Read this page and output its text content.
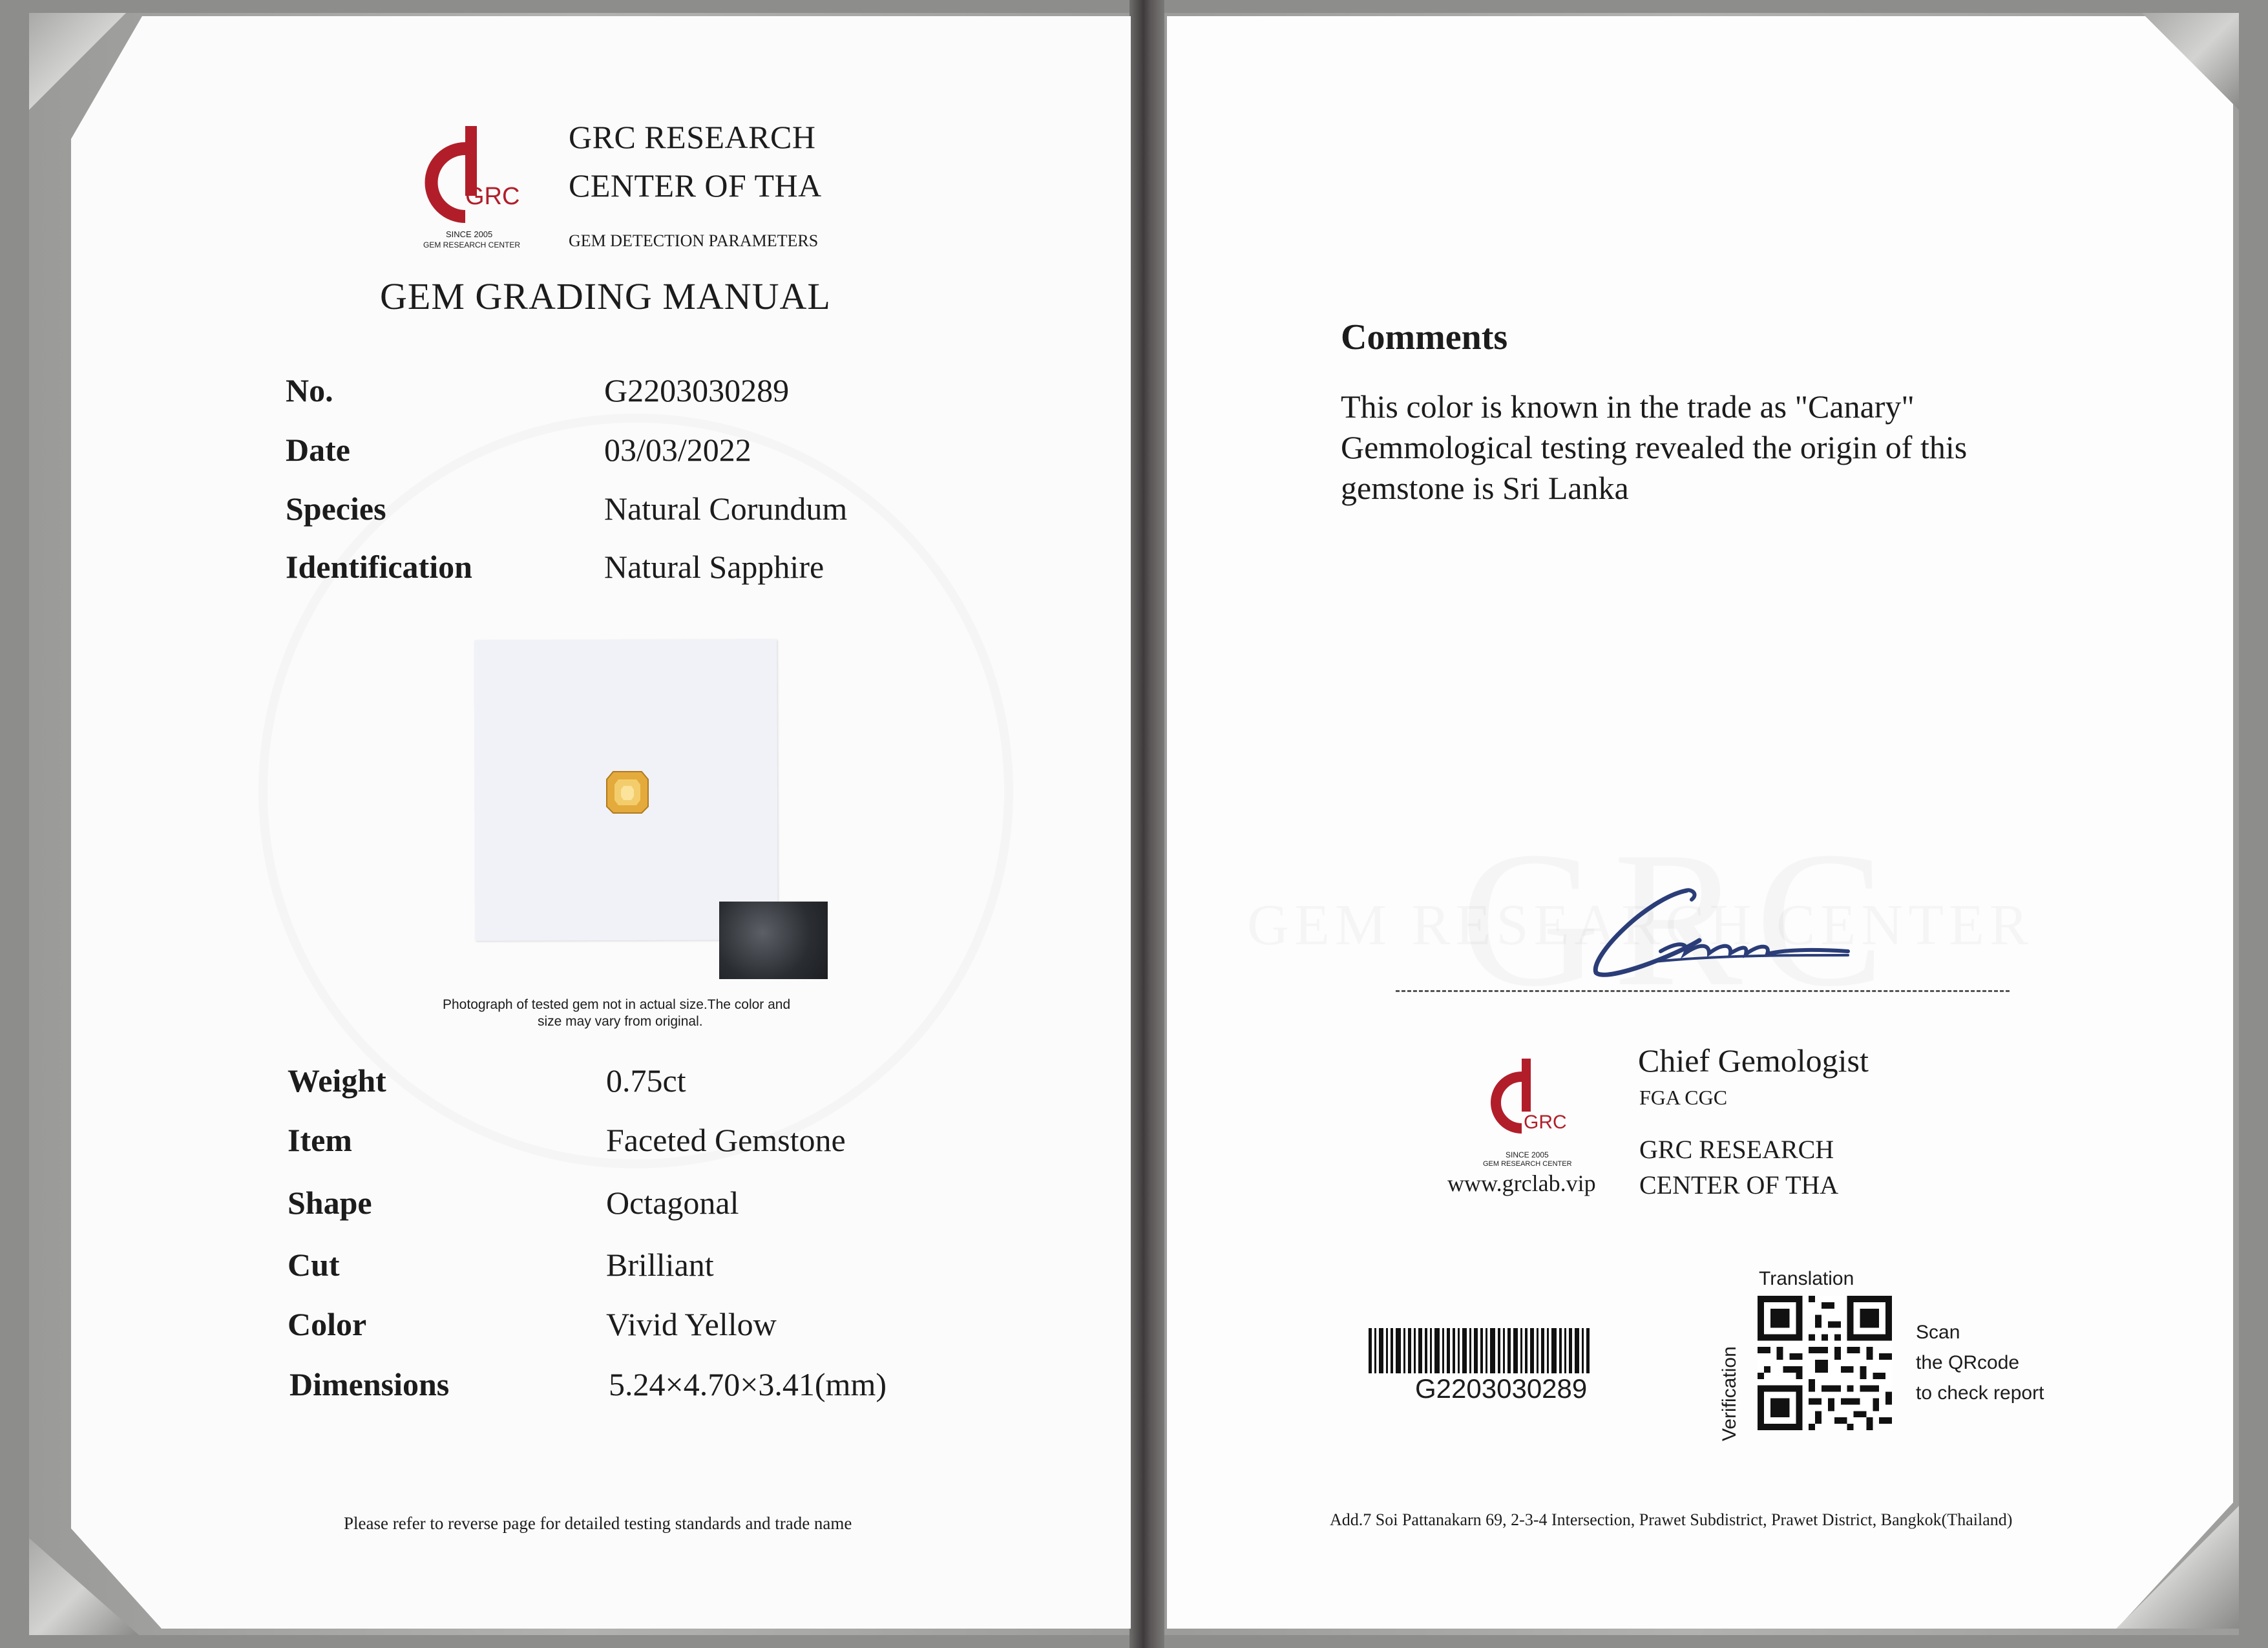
GRC

SINCE 2005

GEM RESEARCH CENTER

GRC RESEARCH

CENTER OF THA

GEM DETECTION PARAMETERS

GEM GRADING MANUAL

No.	G2203030289

Date	03/03/2022

Species	Natural Corundum

Identification	Natural Sapphire

Photograph of tested gem not in actual size.The color and

size may vary from original.

Weight	0.75ct

Item	Faceted Gemstone

Shape	Octagonal

Cut	Brilliant

Color	Vivid Yellow

Dimensions	5.24×4.70×3.41(mm)

Please refer to reverse page for detailed testing standards and trade name

Comments

This color is known in the trade as "Canary"

Gemmological testing revealed the origin of this

gemstone is Sri Lanka

GRC

SINCE 2005

GEM RESEARCH CENTER

www.grclab.vip

Chief Gemologist

FGA CGC

GRC RESEARCH

CENTER OF THA

G2203030289

Translation

Verification

Scan

the QRcode

to check report

Add.7 Soi Pattanakarn 69, 2-3-4 Intersection, Prawet Subdistrict, Prawet District, Bangkok(Thailand)
